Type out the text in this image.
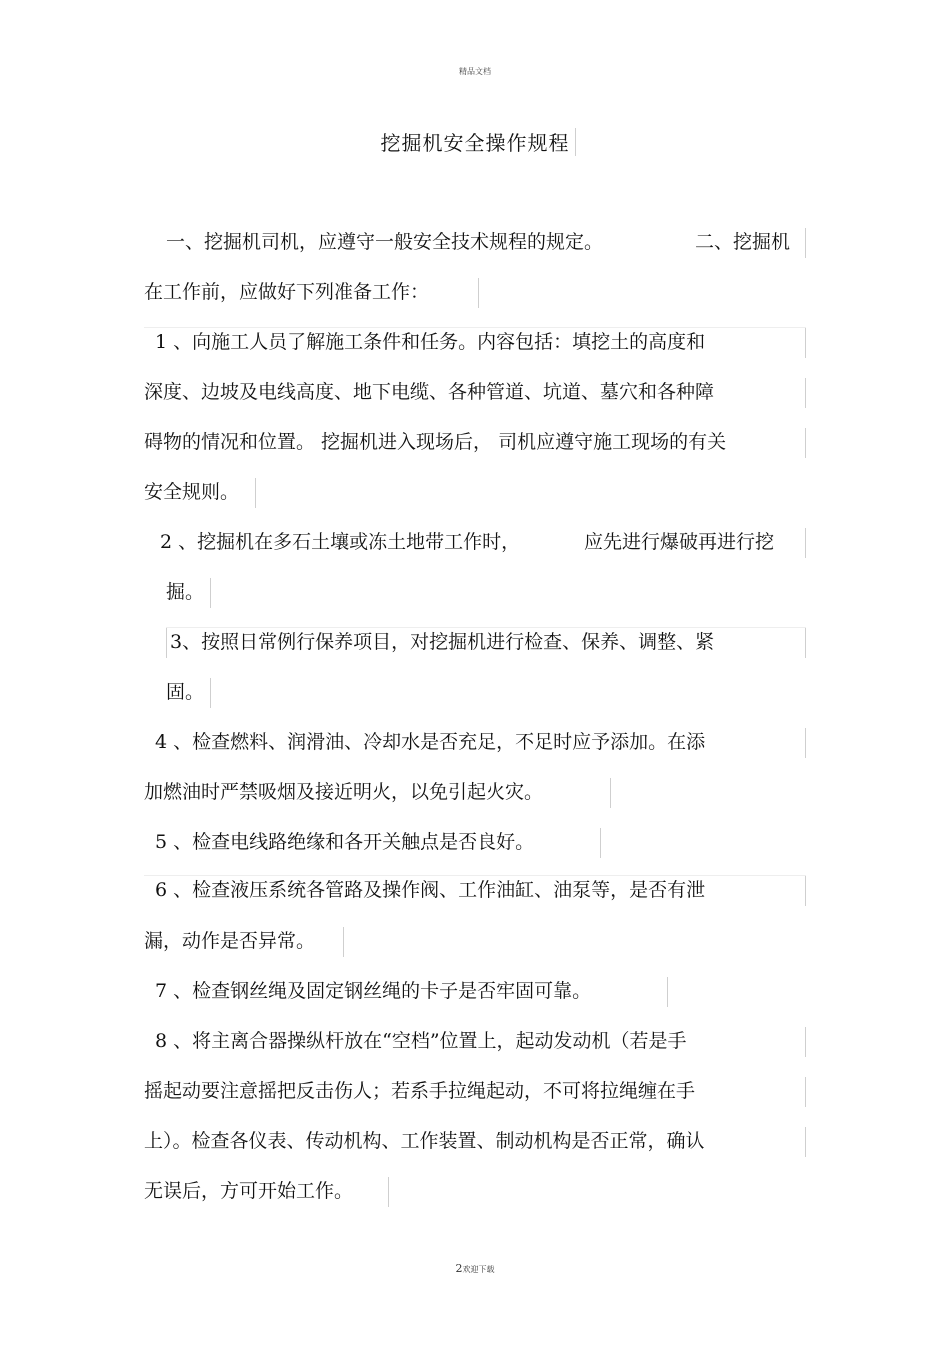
精品文档
挖掘机安全操作规程
一、挖掘机司机，应遵守一般安全技术规程的规定。	二、挖掘机
在工作前，应做好下列准备工作：
1 、向施工人员了解施工条件和任务。内容包括：填挖土的高度和
深度、边坡及电线高度、地下电缆、各种管道、坑道、墓穴和各种障
碍物的情况和位置。 挖掘机进入现场后， 司机应遵守施工现场的有关
安全规则。
2 、挖掘机在多石土壤或冻土地带工作时，	应先进行爆破再进行挖
掘。
3、按照日常例行保养项目，对挖掘机进行检查、保养、调整、紧
固。
4 、检查燃料、润滑油、冷却水是否充足，不足时应予添加。在添
加燃油时严禁吸烟及接近明火，以免引起火灾。
5 、检查电线路绝缘和各开关触点是否良好。
6 、检查液压系统各管路及操作阀、工作油缸、油泵等，是否有泄
漏，动作是否异常。
7 、检查钢丝绳及固定钢丝绳的卡子是否牢固可靠。
8 、将主离合器操纵杆放在“空档”位置上，起动发动机（若是手
摇起动要注意摇把反击伤人；若系手拉绳起动，不可将拉绳缠在手
上）。检查各仪表、传动机构、工作装置、制动机构是否正常，确认
无误后，方可开始工作。
2欢迎下载
